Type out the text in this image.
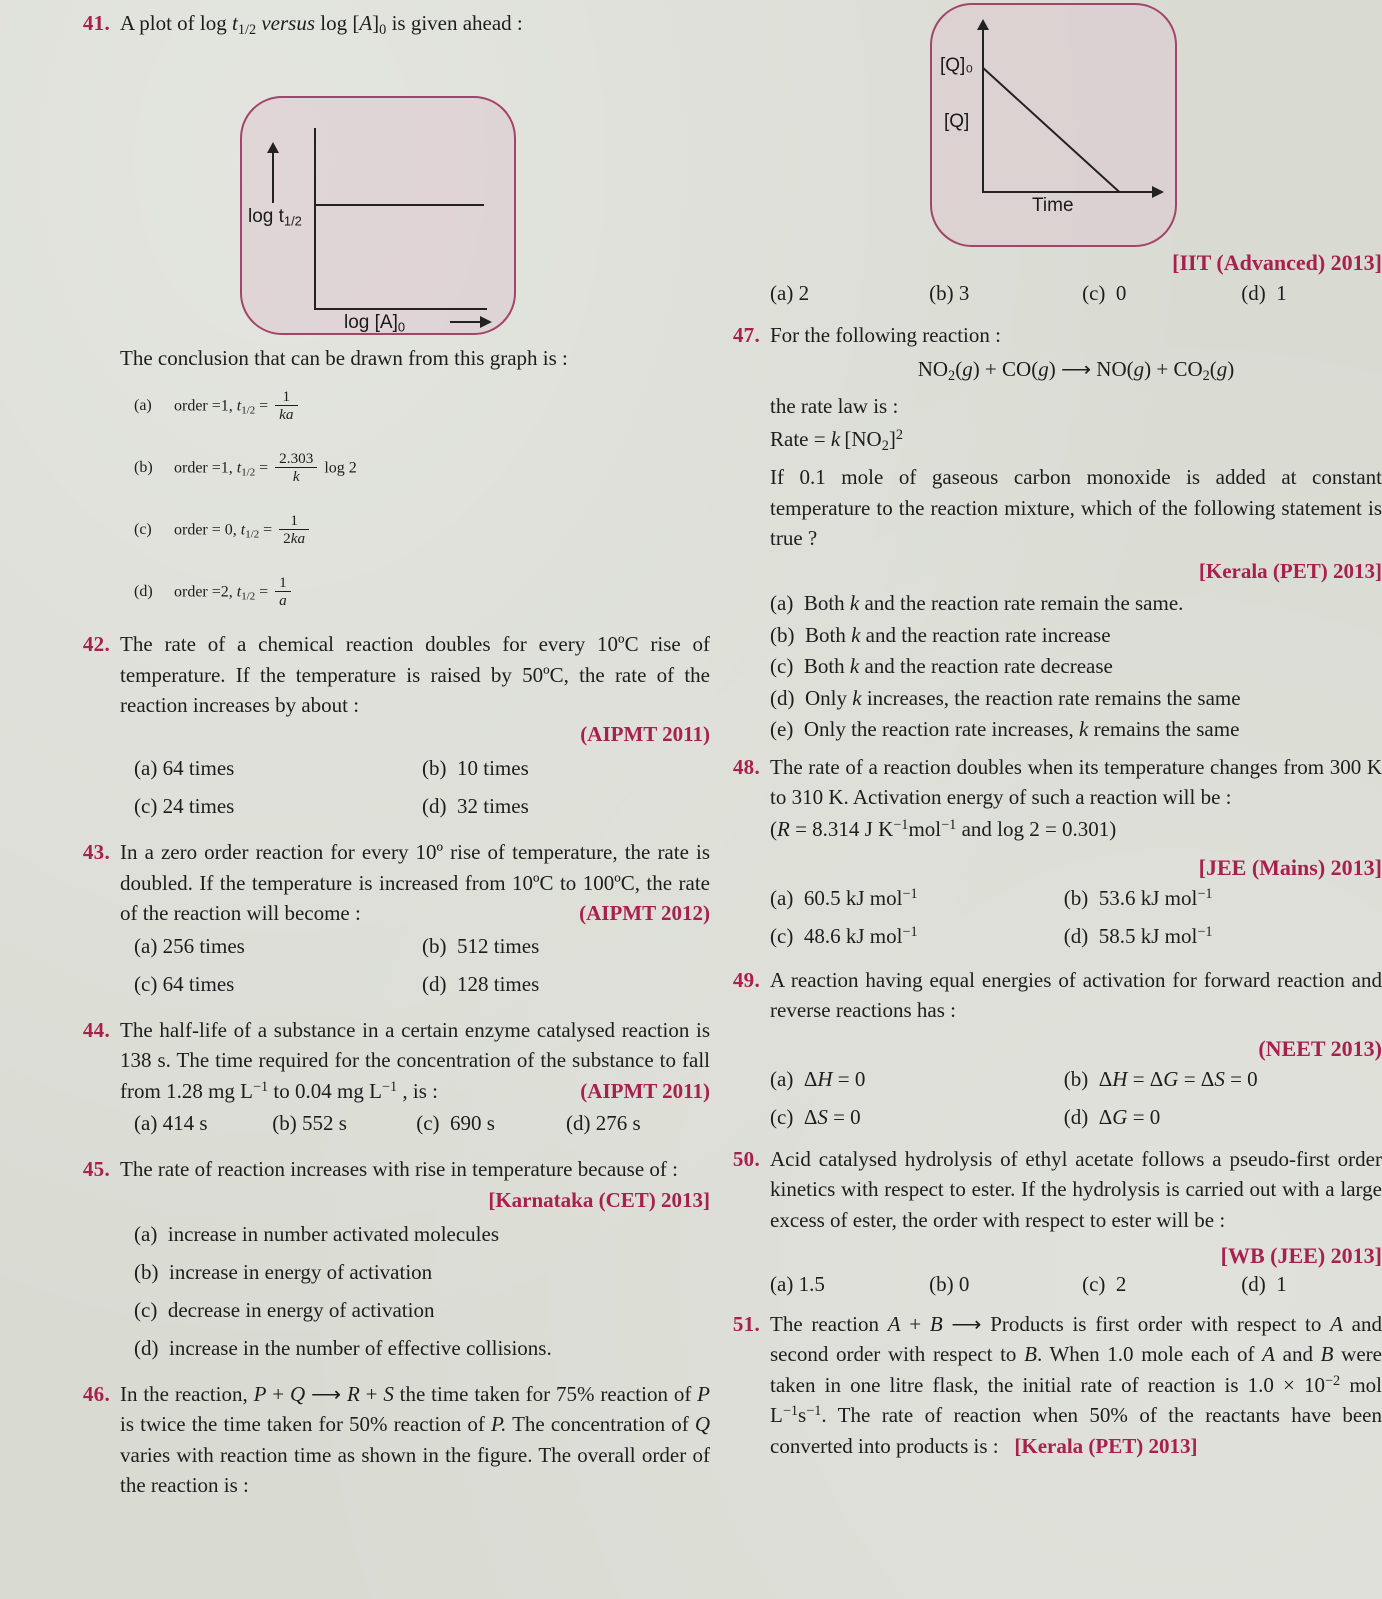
41. A plot of $\log t_{1/2}$ versus $\log [A]_0$ is given ahead :
$\log t_{1/2}$
$\log [A]_0$
The conclusion that can be drawn from this graph is :
(a)	order =1, $t_{1/2} = \frac{1}{ka}$
(b)	order =1, $t_{1/2} = \frac{2.303}{k}$ log 2
(c)	order = 0, $t_{1/2} = \frac{1}{2ka}$
(d)	order =2, $t_{1/2} = \frac{1}{a}$
42. The rate of a chemical reaction doubles for every 10ºC rise of temperature. If the temperature is raised by 50ºC, the rate of the reaction increases by about :
(AIPMT 2011)
(a) 64 times	(b) 10 times
(c) 24 times	(d) 32 times
43. In a zero order reaction for every 10º rise of temperature, the rate is doubled. If the temperature is increased from 10ºC to 100ºC, the rate of the reaction will become :	(AIPMT 2012)
(a) 256 times	(b) 512 times
(c) 64 times	(d) 128 times
44. The half-life of a substance in a certain enzyme catalysed reaction is 138 s. The time required for the concentration of the substance to fall from 1.28 mg $L^{-1}$ to 0.04 mg $L^{-1}$ , is :	(AIPMT 2011)
(a) 414 s	(b) 552 s	(c) 690 s	(d) 276 s
45. The rate of reaction increases with rise in temperature because of :
[Karnataka (CET) 2013]
(a) increase in number activated molecules
(b) increase in energy of activation
(c) decrease in energy of activation
(d) increase in the number of effective collisions.
46. In the reaction, P + Q ⟶ R + S the time taken for 75% reaction of P is twice the time taken for 50% reaction of P. The concentration of Q varies with reaction time as shown in the figure. The overall order of the reaction is :
[Q]₀
[Q]
Time
[IIT (Advanced) 2013]
(a) 2	(b) 3	(c) 0	(d) 1
47. For the following reaction :
$NO_2(g) + CO(g)$ ⟶ $NO(g) + CO_2(g)$
the rate law is :
Rate = k $[NO_2]^2$
If 0.1 mole of gaseous carbon monoxide is added at constant temperature to the reaction mixture, which of the following statement is true ?
[Kerala (PET) 2013]
(a)  Both k and the reaction rate remain the same.
(b)  Both k and the reaction rate increase
(c)  Both k and the reaction rate decrease
(d)  Only k increases, the reaction rate remains the same
(e)  Only the reaction rate increases, k remains the same
48. The rate of a reaction doubles when its temperature changes from 300 K to 310 K. Activation energy of such a reaction will be :
(R = 8.314 J $K^{-1}mol^{-1}$ and log 2 = 0.301)
[JEE (Mains) 2013]
(a)  60.5 kJ mol$^{-1}$	(b)  53.6 kJ mol$^{-1}$
(c)  48.6 kJ mol$^{-1}$	(d)  58.5 kJ mol$^{-1}$
49. A reaction having equal energies of activation for forward reaction and reverse reactions has :
(NEET 2013)
(a) ΔH = 0	(b)  ΔH = ΔG = ΔS = 0
(c)  ΔS = 0	(d)  ΔG = 0
50. Acid catalysed hydrolysis of ethyl acetate follows a pseudo-first order kinetics with respect to ester. If the hydrolysis is carried out with a large excess of ester, the order with respect to ester will be :
[WB (JEE) 2013]
(a) 1.5	(b) 0	(c) 2	(d) 1
51. The reaction A + B ⟶ Products is first order with respect to A and second order with respect to B. When 1.0 mole each of A and B were taken in one litre flask, the initial rate of reaction is $1.0 \times 10^{-2}$ mol $L^{-1}s^{-1}$. The rate of reaction when 50% of the reactants have been converted into products is :   [Kerala (PET) 2013]
